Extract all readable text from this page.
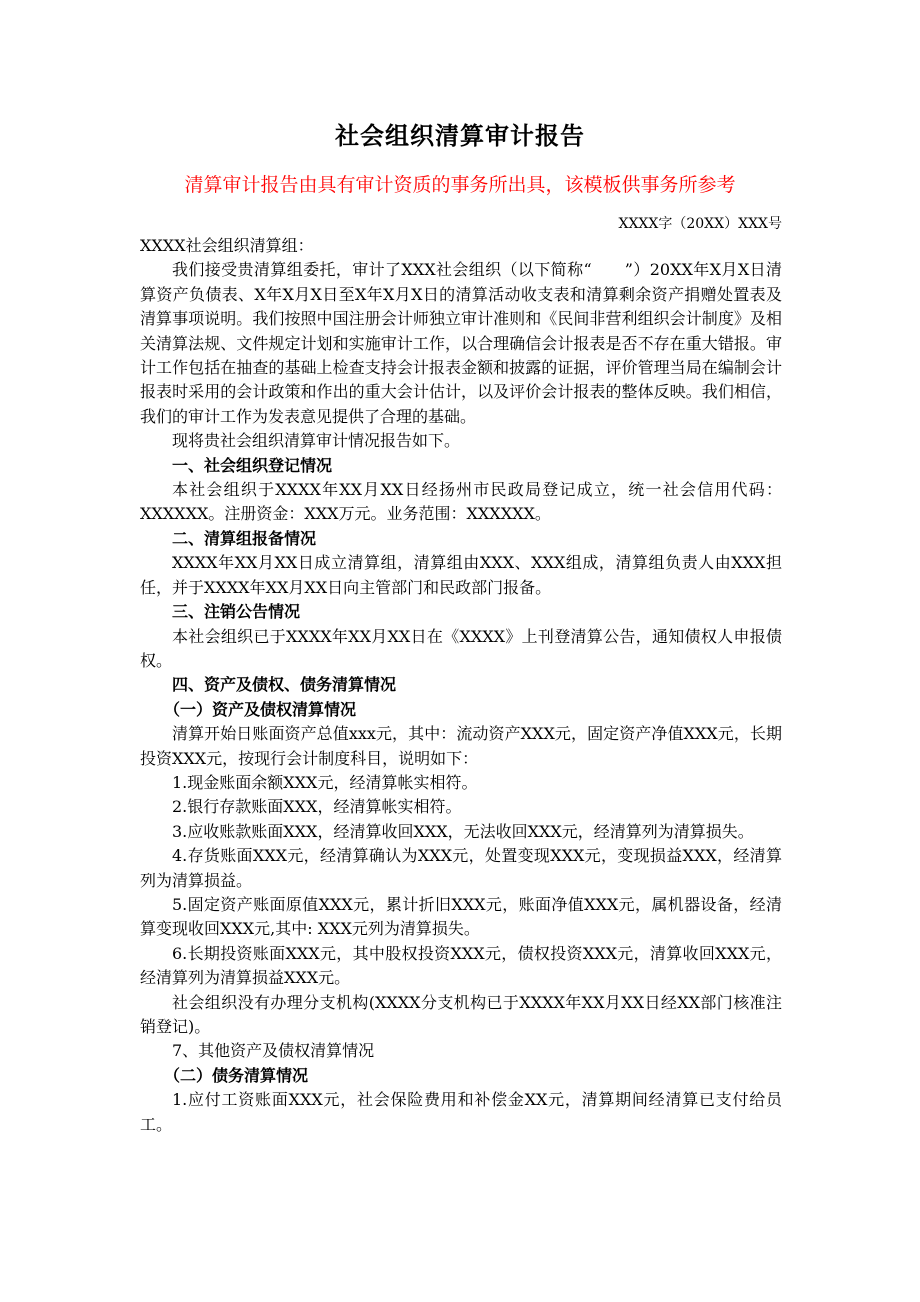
社会组织清算审计报告
清算审计报告由具有审计资质的事务所出具，该模板供事务所参考
XXXX字（20XX）XXX号

XXXX社会组织清算组：

我们接受贵清算组委托，审计了XXX社会组织（以下简称“　　”）20XX年X月X日清算资产负债表、X年X月X日至X年X月X日的清算活动收支表和清算剩余资产捐赠处置表及清算事项说明。我们按照中国注册会计师独立审计准则和《民间非营利组织会计制度》及相关清算法规、文件规定计划和实施审计工作，以合理确信会计报表是否不存在重大错报。审计工作包括在抽查的基础上检查支持会计报表金额和披露的证据，评价管理当局在编制会计报表时采用的会计政策和作出的重大会计估计，以及评价会计报表的整体反映。我们相信，我们的审计工作为发表意见提供了合理的基础。

现将贵社会组织清算审计情况报告如下。

一、社会组织登记情况

本社会组织于XXXX年XX月XX日经扬州市民政局登记成立，统一社会信用代码：XXXXXX。注册资金：XXX万元。业务范围：XXXXXX。

二、清算组报备情况

XXXX年XX月XX日成立清算组，清算组由XXX、XXX组成，清算组负责人由XXX担任，并于XXXX年XX月XX日向主管部门和民政部门报备。

三、注销公告情况

本社会组织已于XXXX年XX月XX日在《XXXX》上刊登清算公告，通知债权人申报债权。

四、资产及债权、债务清算情况

（一）资产及债权清算情况

清算开始日账面资产总值xxx元，其中：流动资产XXX元，固定资产净值XXX元，长期投资XXX元，按现行会计制度科目，说明如下：

1.现金账面余额XXX元，经清算帐实相符。

2.银行存款账面XXX，经清算帐实相符。

3.应收账款账面XXX，经清算收回XXX，无法收回XXX元，经清算列为清算损失。

4.存货账面XXX元，经清算确认为XXX元，处置变现XXX元，变现损益XXX，经清算列为清算损益。

5.固定资产账面原值XXX元，累计折旧XXX元，账面净值XXX元，属机器设备，经清算变现收回XXX元,其中: XXX元列为清算损失。

6.长期投资账面XXX元，其中股权投资XXX元，债权投资XXX元，清算收回XXX元，经清算列为清算损益XXX元。

社会组织没有办理分支机构(XXXX分支机构已于XXXX年XX月XX日经XX部门核准注销登记)。

7、其他资产及债权清算情况

（二）债务清算情况

1.应付工资账面XXX元，社会保险费用和补偿金XX元，清算期间经清算已支付给员工。
